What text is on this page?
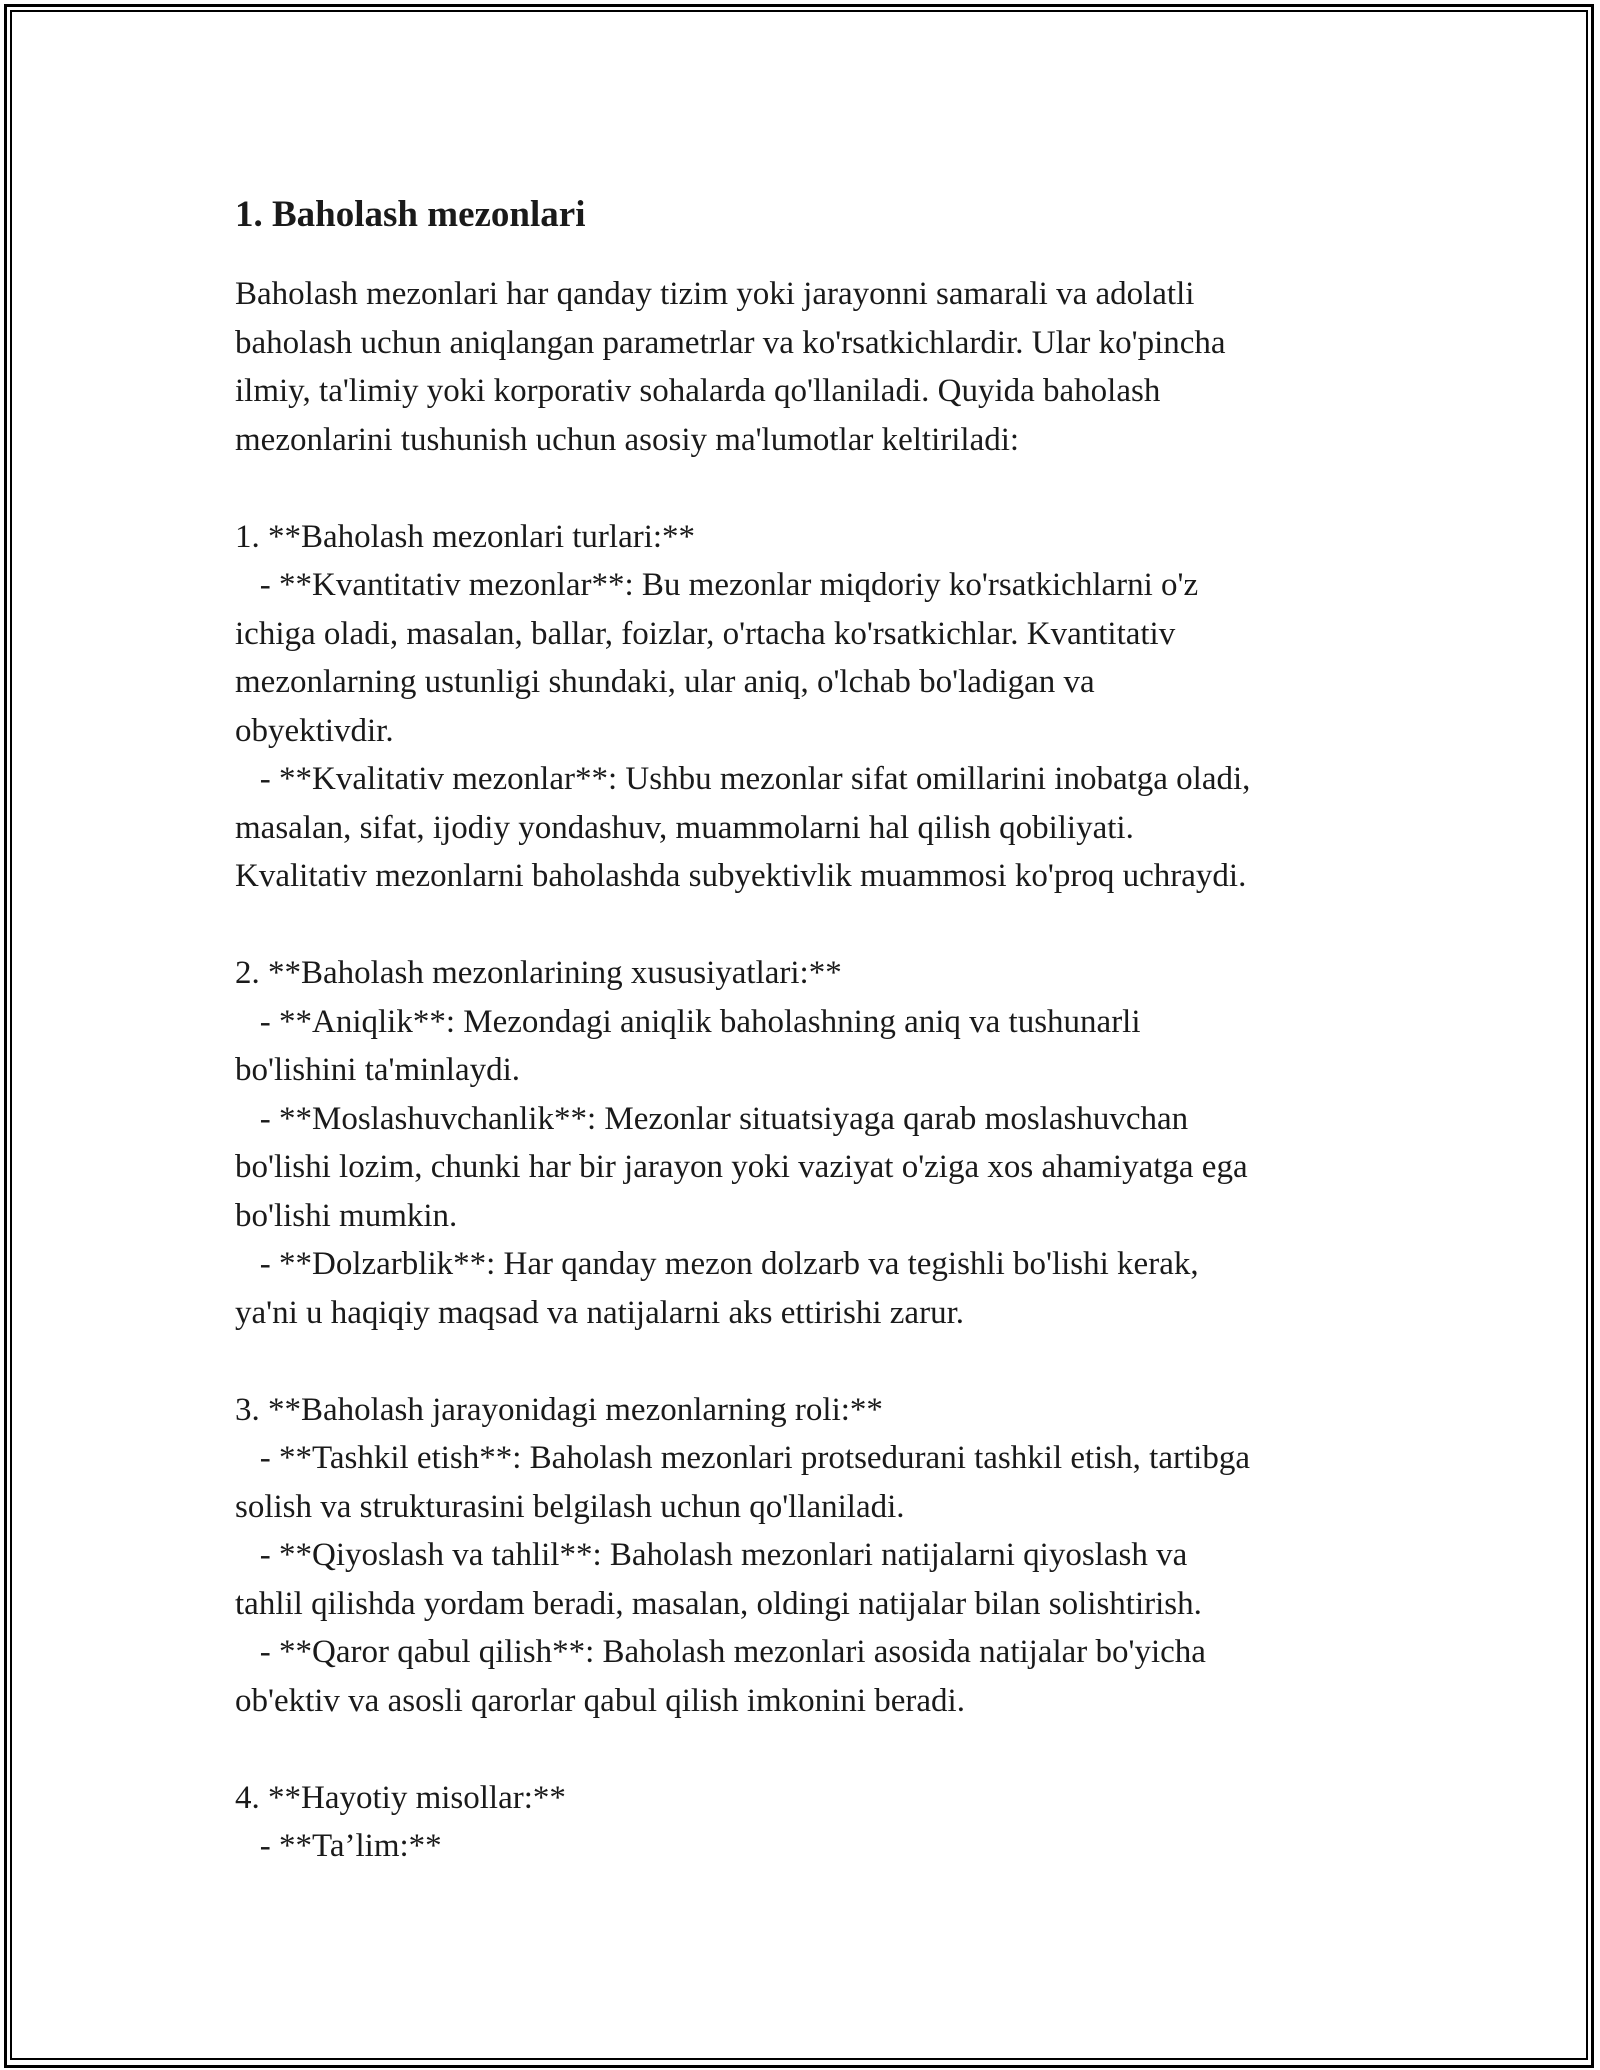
1. Baholash mezonlari

Baholash mezonlari har qanday tizim yoki jarayonni samarali va adolatli
baholash uchun aniqlangan parametrlar va ko'rsatkichlardir. Ular ko'pincha
ilmiy, ta'limiy yoki korporativ sohalarda qo'llaniladi. Quyida baholash
mezonlarini tushunish uchun asosiy ma'lumotlar keltiriladi:

1. **Baholash mezonlari turlari:**
- **Kvantitativ mezonlar**: Bu mezonlar miqdoriy ko'rsatkichlarni o'z
ichiga oladi, masalan, ballar, foizlar, o'rtacha ko'rsatkichlar. Kvantitativ
mezonlarning ustunligi shundaki, ular aniq, o'lchab bo'ladigan va
obyektivdir.
- **Kvalitativ mezonlar**: Ushbu mezonlar sifat omillarini inobatga oladi,
masalan, sifat, ijodiy yondashuv, muammolarni hal qilish qobiliyati.
Kvalitativ mezonlarni baholashda subyektivlik muammosi ko'proq uchraydi.

2. **Baholash mezonlarining xususiyatlari:**
- **Aniqlik**: Mezondagi aniqlik baholashning aniq va tushunarli
bo'lishini ta'minlaydi.
- **Moslashuvchanlik**: Mezonlar situatsiyaga qarab moslashuvchan
bo'lishi lozim, chunki har bir jarayon yoki vaziyat o'ziga xos ahamiyatga ega
bo'lishi mumkin.
- **Dolzarblik**: Har qanday mezon dolzarb va tegishli bo'lishi kerak,
ya'ni u haqiqiy maqsad va natijalarni aks ettirishi zarur.

3. **Baholash jarayonidagi mezonlarning roli:**
- **Tashkil etish**: Baholash mezonlari protsedurani tashkil etish, tartibga
solish va strukturasini belgilash uchun qo'llaniladi.
- **Qiyoslash va tahlil**: Baholash mezonlari natijalarni qiyoslash va
tahlil qilishda yordam beradi, masalan, oldingi natijalar bilan solishtirish.
- **Qaror qabul qilish**: Baholash mezonlari asosida natijalar bo'yicha
ob'ektiv va asosli qarorlar qabul qilish imkonini beradi.

4. **Hayotiy misollar:**
- **Ta’lim:**
